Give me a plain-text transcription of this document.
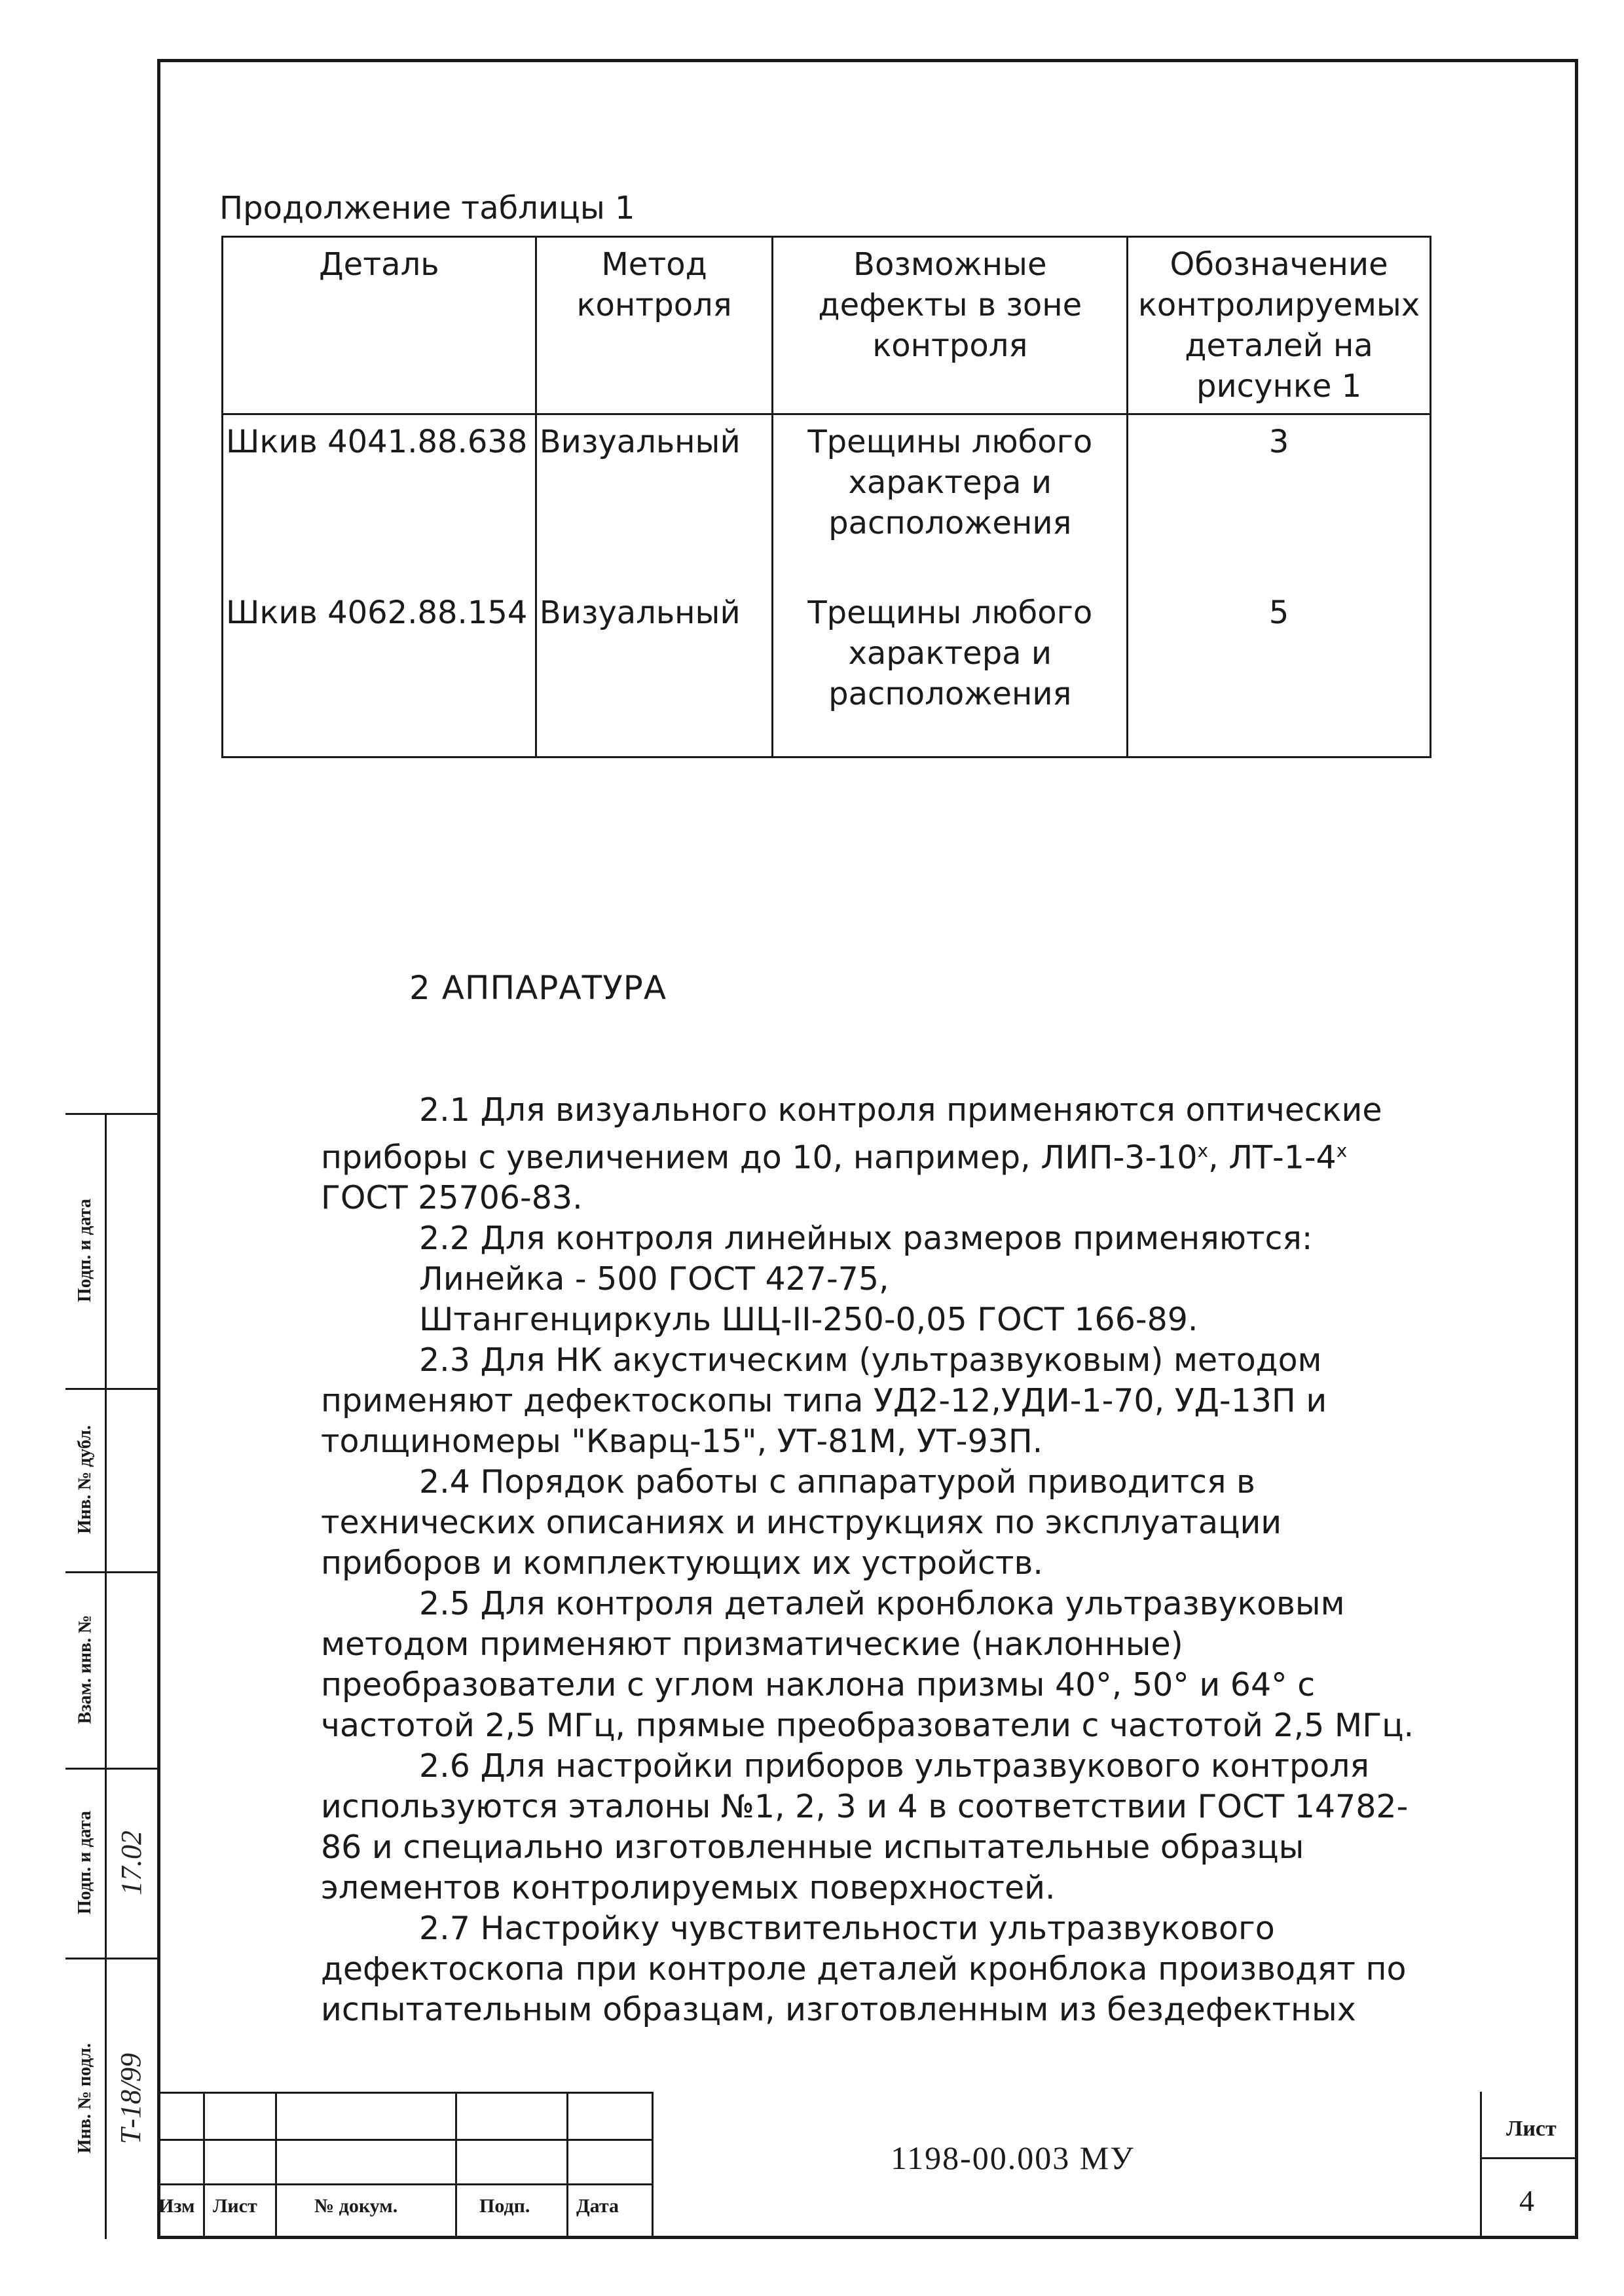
Продолжение таблицы 1
Деталь	Метод контроля	Возможные дефекты в зоне контроля	Обозначение контролируемых деталей на рисунке 1
Шкив 4041.88.638	Визуальный	Трещины любого характера и расположения	3
Шкив 4062.88.154	Визуальный	Трещины любого характера и расположения	5
2 АППАРАТУРА

2.1 Для визуального контроля применяются оптические приборы с увеличением до 10, например, ЛИП-3-10$^x$, ЛТ-1-4$^x$ ГОСТ 25706-83.

2.2 Для контроля линейных размеров применяются:

Линейка - 500 ГОСТ 427-75,

Штангенциркуль ШЦ-II-250-0,05 ГОСТ 166-89.

2.3 Для НК акустическим (ультразвуковым) методом применяют дефектоскопы типа УД2-12,УДИ-1-70, УД-13П и толщиномеры "Кварц-15", УТ-81М, УТ-93П.

2.4 Порядок работы с аппаратурой приводится в технических описаниях и инструкциях по эксплуатации приборов и комплектующих их устройств.

2.5 Для контроля деталей кронблока ультразвуковым методом применяют призматические (наклонные) преобразователи с углом наклона призмы 40°, 50° и 64° с частотой 2,5 МГц, прямые преобразователи с частотой 2,5 МГц.

2.6 Для настройки приборов ультразвукового контроля используются эталоны №1, 2, 3 и 4 в соответствии ГОСТ 14782-86 и специально изготовленные испытательные образцы элементов контролируемых поверхностей.

2.7 Настройку чувствительности ультразвукового дефектоскопа при контроле деталей кронблока производят по испытательным образцам, изготовленным из бездефектных

Подп. и дата
Инв. № дубл.
Взам. инв. №
Подп. и дата
Инв. № подл.
17.02
Т-18/99
Изм Лист	№ докум.	Подп. Дата
1198-00.003 МУ
Лист
4
